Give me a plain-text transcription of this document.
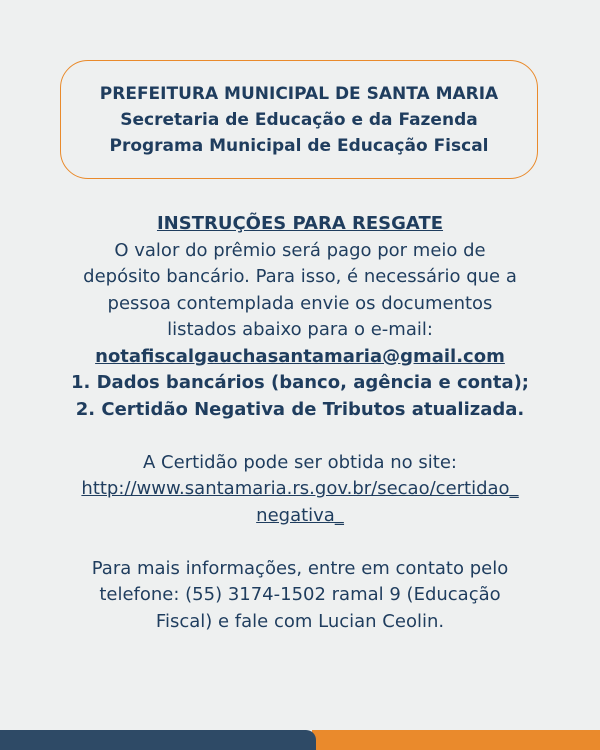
PREFEITURA MUNICIPAL DE SANTA MARIA
Secretaria de Educação e da Fazenda
Programa Municipal de Educação Fiscal

INSTRUÇÕES PARA RESGATE

O valor do prêmio será pago por meio de

depósito bancário. Para isso, é necessário que a

pessoa contemplada envie os documentos

listados abaixo para o e-mail:

notafiscalgauchasantamaria@gmail.com

1. Dados bancários (banco, agência e conta);

2. Certidão Negativa de Tributos atualizada.

A Certidão pode ser obtida no site:

http://www.santamaria.rs.gov.br/secao/certidao_

negativa_

Para mais informações, entre em contato pelo

telefone: (55) 3174-1502 ramal 9 (Educação

Fiscal) e fale com Lucian Ceolin.
